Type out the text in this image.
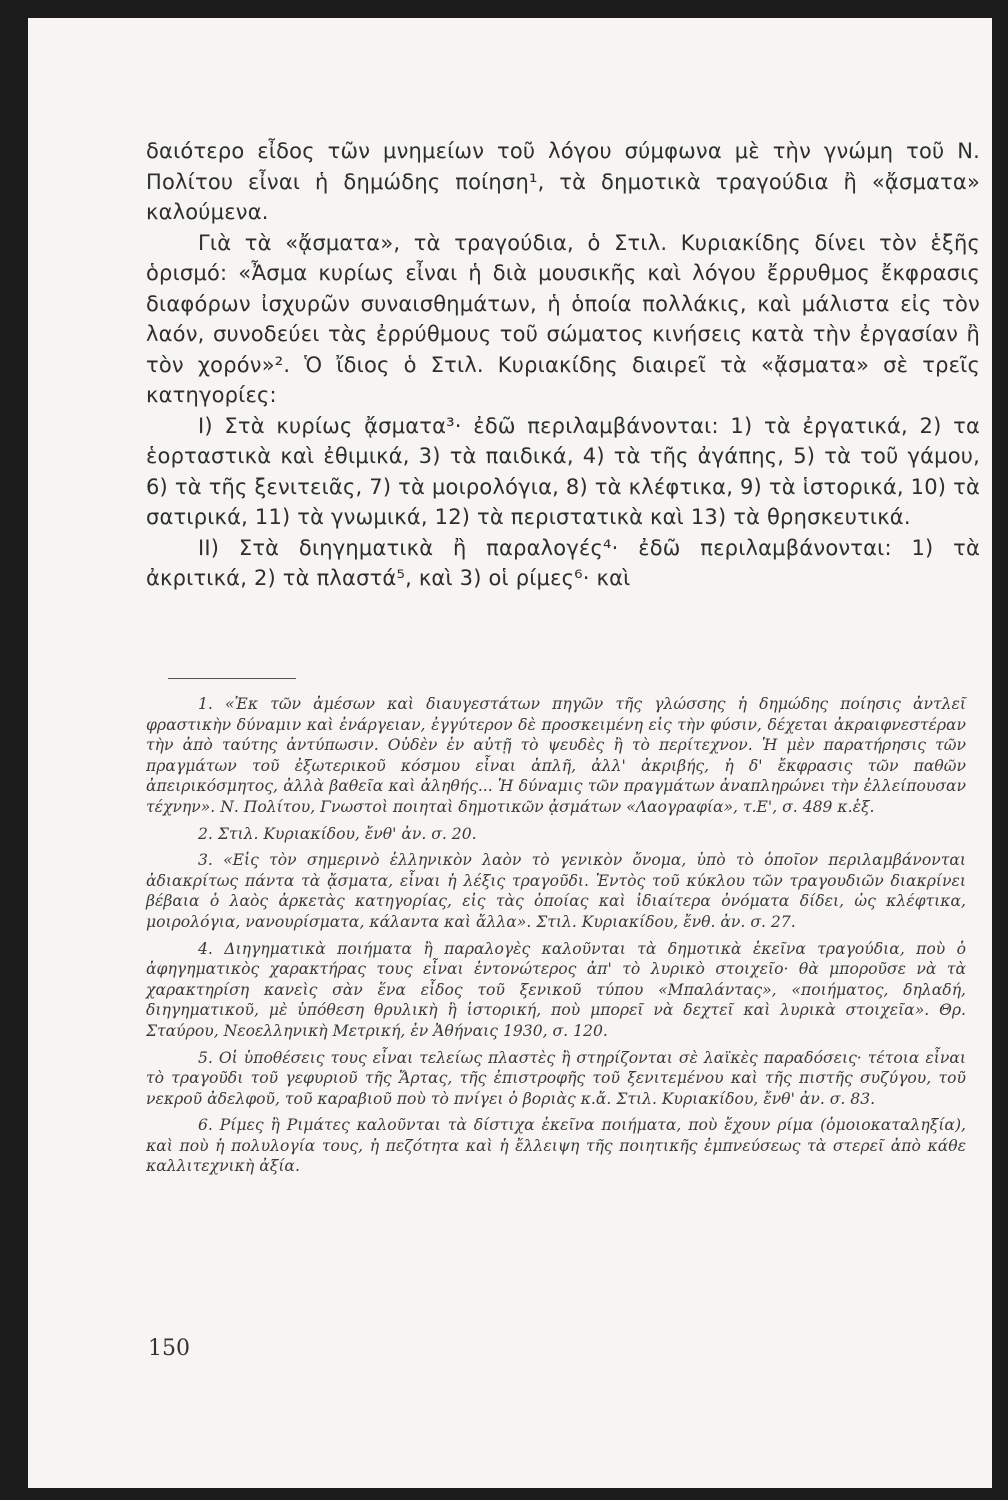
δαιότερο εἶδος τῶν μνημείων τοῦ λόγου σύμφωνα μὲ τὴν γνώμη τοῦ Ν. Πολίτου εἶναι ἡ δημώδης ποίηση¹, τὰ δημοτικὰ τραγούδια ἢ «ᾄσματα» καλούμενα.

Γιὰ τὰ «ᾄσματα», τὰ τραγούδια, ὁ Στιλ. Κυριακίδης δίνει τὸν ἑξῆς ὁρισμό: «Ἆσμα κυρίως εἶναι ἡ διὰ μουσικῆς καὶ λόγου ἔρρυθμος ἔκφρασις διαφόρων ἰσχυρῶν συναισθημάτων, ἡ ὁποία πολλάκις, καὶ μάλιστα εἰς τὸν λαόν, συνοδεύει τὰς ἐρρύθμους τοῦ σώματος κινήσεις κατὰ τὴν ἐργασίαν ἢ τὸν χορόν»². Ὁ ἴδιος ὁ Στιλ. Κυριακίδης διαιρεῖ τὰ «ᾄσματα» σὲ τρεῖς κατηγορίες:

Ι) Στὰ κυρίως ᾄσματα³· ἐδῶ περιλαμβάνονται: 1) τὰ ἐργατικά, 2) τα ἑορταστικὰ καὶ ἐθιμικά, 3) τὰ παιδικά, 4) τὰ τῆς ἀγάπης, 5) τὰ τοῦ γάμου, 6) τὰ τῆς ξενιτειᾶς, 7) τὰ μοιρολόγια, 8) τὰ κλέφτικα, 9) τὰ ἱστορικά, 10) τὰ σατιρικά, 11) τὰ γνωμικά, 12) τὰ περιστατικὰ καὶ 13) τὰ θρησκευτικά.

ΙΙ) Στὰ διηγηματικὰ ἢ παραλογές⁴· ἐδῶ περιλαμβάνονται: 1) τὰ ἀκριτικά, 2) τὰ πλαστά⁵, καὶ 3) οἱ ρίμες⁶· καὶ

1. «Ἐκ τῶν ἀμέσων καὶ διαυγεστάτων πηγῶν τῆς γλώσσης ἡ δημώδης ποίησις ἀντλεῖ φραστικὴν δύναμιν καὶ ἐνάργειαν, ἐγγύτερον δὲ προσκειμένη εἰς τὴν φύσιν, δέχεται ἀκραιφνεστέραν τὴν ἀπὸ ταύτης ἀντύπωσιν. Οὐδὲν ἐν αὐτῇ τὸ ψευδὲς ἢ τὸ περίτεχνον. Ἡ μὲν παρατήρησις τῶν πραγμάτων τοῦ ἐξωτερικοῦ κόσμου εἶναι ἁπλῆ, ἀλλ' ἀκριβής, ἡ δ' ἔκφρασις τῶν παθῶν ἀπειρικόσμητος, ἀλλὰ βαθεῖα καὶ ἀληθής... Ἡ δύναμις τῶν πραγμάτων ἀναπληρώνει τὴν ἐλλείπουσαν τέχνην». Ν. Πολίτου, Γνωστοὶ ποιηταὶ δημοτικῶν ᾀσμάτων «Λαογραφία», τ.Ε', σ. 489 κ.ἑξ.

2. Στιλ. Κυριακίδου, ἔνθ' ἀν. σ. 20.

3. «Εἰς τὸν σημερινὸ ἑλληνικὸν λαὸν τὸ γενικὸν ὄνομα, ὑπὸ τὸ ὁποῖον περιλαμβάνονται ἀδιακρίτως πάντα τὰ ᾄσματα, εἶναι ἡ λέξις τραγοῦδι. Ἐντὸς τοῦ κύκλου τῶν τραγουδιῶν διακρίνει βέβαια ὁ λαὸς ἀρκετὰς κατηγορίας, εἰς τὰς ὁποίας καὶ ἰδιαίτερα ὀνόματα δίδει, ὡς κλέφτικα, μοιρολόγια, νανουρίσματα, κάλαντα καὶ ἄλλα». Στιλ. Κυριακίδου, ἔνθ. ἀν. σ. 27.

4. Διηγηματικὰ ποιήματα ἢ παραλογὲς καλοῦνται τὰ δημοτικὰ ἐκεῖνα τραγούδια, ποὺ ὁ ἀφηγηματικὸς χαρακτήρας τους εἶναι ἐντονώτερος ἀπ' τὸ λυρικὸ στοιχεῖο· θὰ μποροῦσε νὰ τὰ χαρακτηρίση κανεὶς σὰν ἕνα εἶδος τοῦ ξενικοῦ τύπου «Μπαλάντας», «ποιήματος, δηλαδή, διηγηματικοῦ, μὲ ὑπόθεση θρυλικὴ ἢ ἱστορική, ποὺ μπορεῖ νὰ δεχτεῖ καὶ λυρικὰ στοιχεῖα». Θρ. Σταύρου, Νεοελληνικὴ Μετρική, ἐν Ἀθήναις 1930, σ. 120.

5. Οἱ ὑποθέσεις τους εἶναι τελείως πλαστὲς ἢ στηρίζονται σὲ λαϊκὲς παραδόσεις· τέτοια εἶναι τὸ τραγοῦδι τοῦ γεφυριοῦ τῆς Ἄρτας, τῆς ἐπιστροφῆς τοῦ ξενιτεμένου καὶ τῆς πιστῆς συζύγου, τοῦ νεκροῦ ἀδελφοῦ, τοῦ καραβιοῦ ποὺ τὸ πνίγει ὁ βοριὰς κ.ἄ. Στιλ. Κυριακίδου, ἔνθ' ἀν. σ. 83.

6. Ρίμες ἢ Ριμάτες καλοῦνται τὰ δίστιχα ἐκεῖνα ποιήματα, ποὺ ἔχουν ρίμα (ὁμοιοκαταληξία), καὶ ποὺ ἡ πολυλογία τους, ἡ πεζότητα καὶ ἡ ἔλλειψη τῆς ποιητικῆς ἐμπνεύσεως τὰ στερεῖ ἀπὸ κάθε καλλιτεχνικὴ ἀξία.

150
